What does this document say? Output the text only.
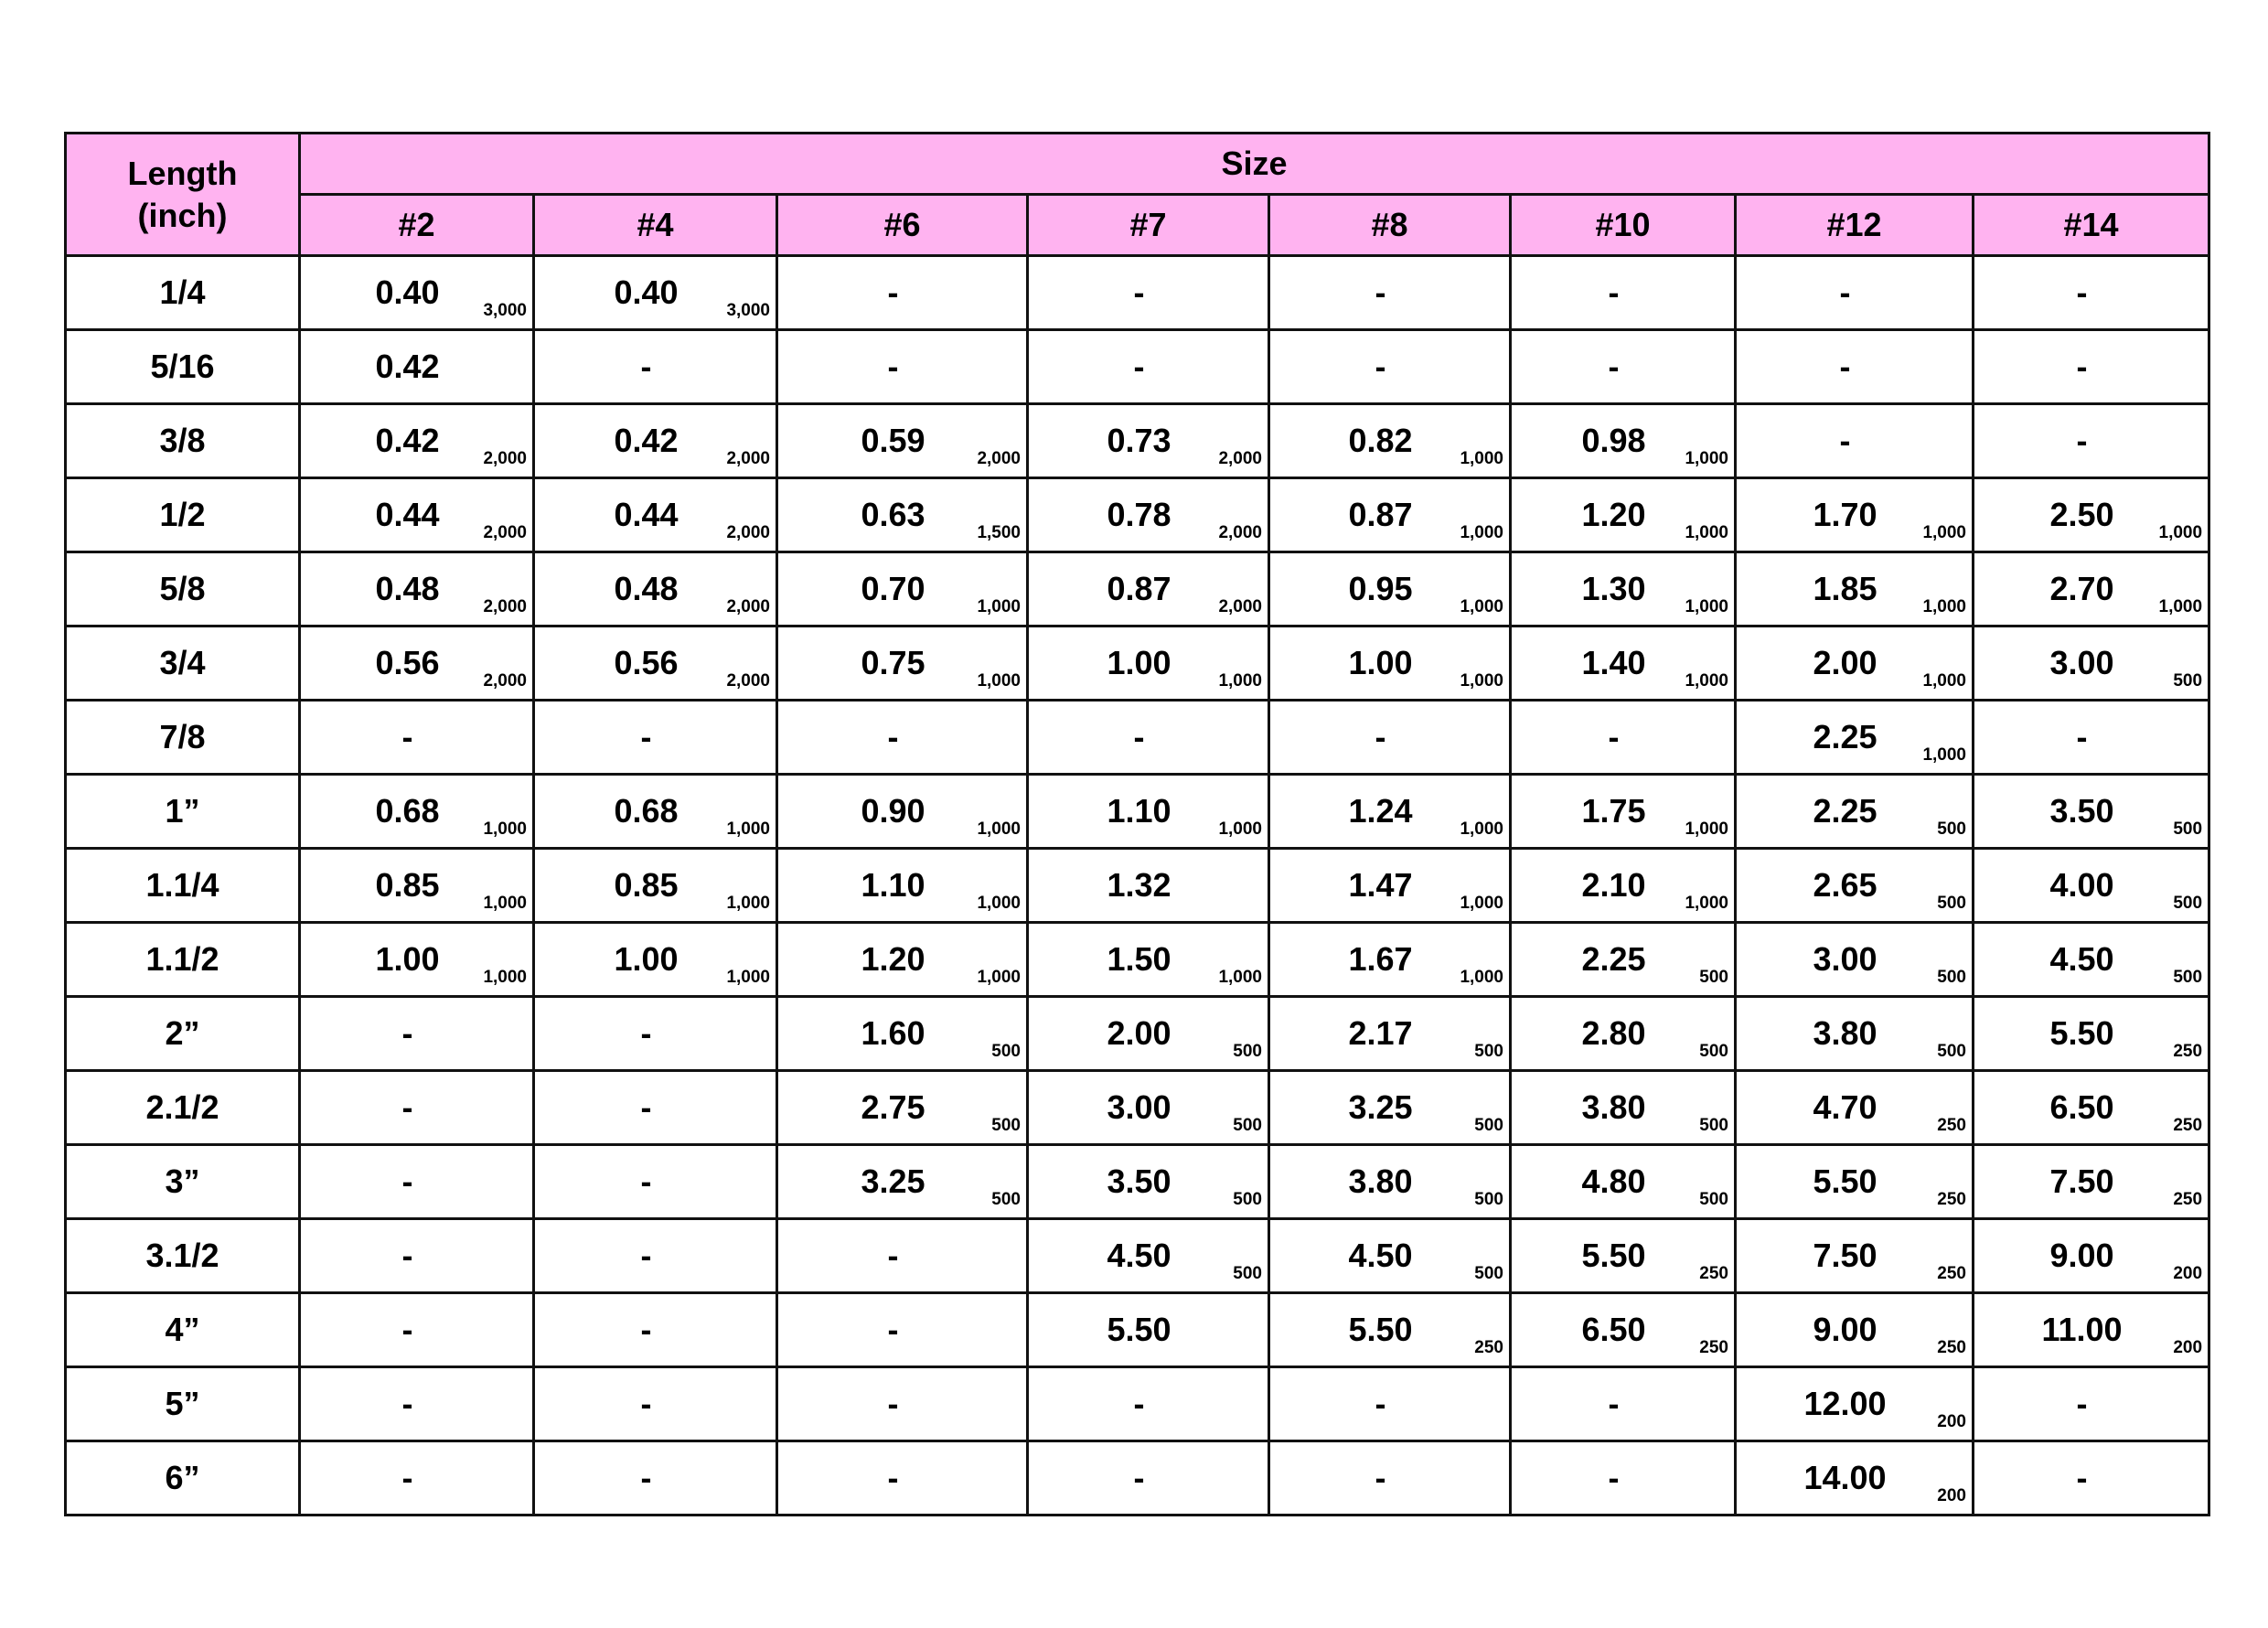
Length
(inch)	Size							
	#2	#4	#6	#7	#8	#10	#12	#14
1/4	0.40 3,000	0.40 3,000	-	-	-	-	-	-
5/16	0.42	-	-	-	-	-	-	-
3/8	0.42 2,000	0.42 2,000	0.59 2,000	0.73 2,000	0.82 1,000	0.98 1,000	-	-
1/2	0.44 2,000	0.44 2,000	0.63 1,500	0.78 2,000	0.87 1,000	1.20 1,000	1.70 1,000	2.50 1,000

5/8	0.48 2,000	0.48 2,000	0.70 1,000	0.87 2,000	0.95 1,000	1.30 1,000	1.85 1,000	2.70 1,000

3/4	0.56 2,000	0.56 2,000	0.75 1,000	1.00 1,000	1.00 1,000	1.40 1,000	2.00 1,000	3.00 500

7/8	-	-	-	-	-	-	2.25 1,000	-
1”	0.68 1,000	0.68 1,000	0.90 1,000	1.10 1,000	1.24 1,000	1.75 1,000	2.25 500	3.50 500

1.1/4	0.85 1,000	0.85 1,000	1.10 1,000	1.32	1.47 1,000	2.10 1,000	2.65 500	4.00 500

1.1/2	1.00 1,000	1.00 1,000	1.20 1,000	1.50 1,000	1.67 1,000	2.25 500	3.00 500	4.50 500

2”	-	-	1.60 500	2.00 500	2.17 500	2.80 500	3.80 500	5.50 250

2.1/2	-	-	2.75 500	3.00 500	3.25 500	3.80 500	4.70 250	6.50 250

3”	-	-	3.25 500	3.50 500	3.80 500	4.80 500	5.50 250	7.50 250

3.1/2	-	-	-	4.50 500	4.50 500	5.50 250	7.50 250	9.00 200

4”	-	-	-	5.50	5.50 250	6.50 250	9.00 250	11.00 200

5”	-	-	-	-	-	-	12.00 200	-
6”	-	-	-	-	-	-	14.00 200	-
